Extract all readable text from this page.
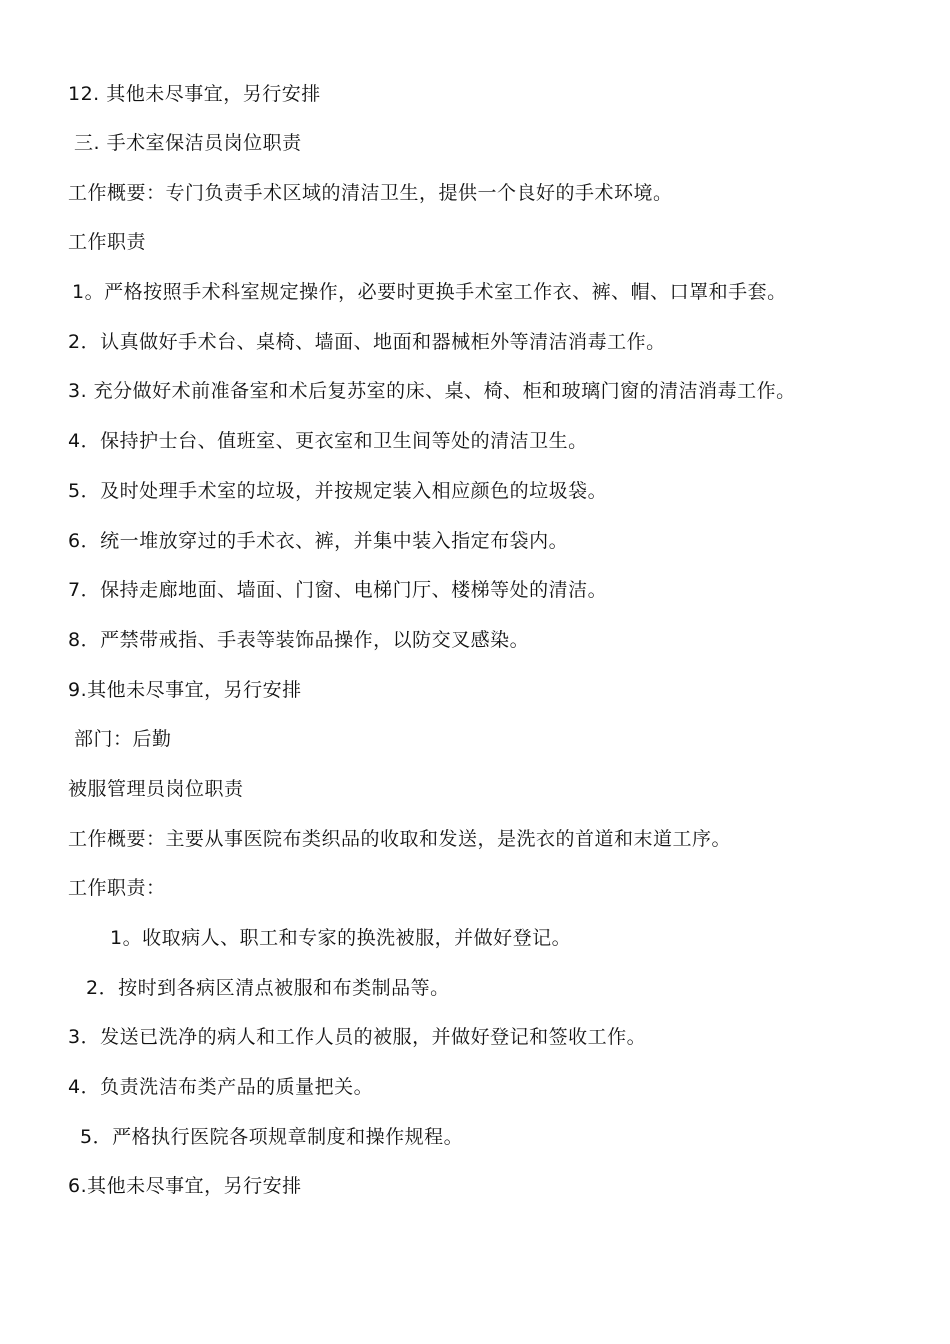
12. 其他未尽事宜，另行安排
三. 手术室保洁员岗位职责
工作概要：专门负责手术区域的清洁卫生，提供一个良好的手术环境。
工作职责
1。严格按照手术科室规定操作，必要时更换手术室工作衣、裤、帽、口罩和手套。
2．认真做好手术台、桌椅、墙面、地面和器械柜外等清洁消毒工作。
3. 充分做好术前准备室和术后复苏室的床、桌、椅、柜和玻璃门窗的清洁消毒工作。
4．保持护士台、值班室、更衣室和卫生间等处的清洁卫生。
5．及时处理手术室的垃圾，并按规定装入相应颜色的垃圾袋。
6．统一堆放穿过的手术衣、裤，并集中装入指定布袋内。
7．保持走廊地面、墙面、门窗、电梯门厅、楼梯等处的清洁。
8．严禁带戒指、手表等装饰品操作，以防交叉感染。
9.其他未尽事宜，另行安排
部门：后勤
被服管理员岗位职责
工作概要：主要从事医院布类织品的收取和发送，是洗衣的首道和末道工序。
工作职责：
1。收取病人、职工和专家的换洗被服，并做好登记。
2．按时到各病区清点被服和布类制品等。
3．发送已洗净的病人和工作人员的被服，并做好登记和签收工作。
4．负责洗洁布类产品的质量把关。
5．严格执行医院各项规章制度和操作规程。
6.其他未尽事宜，另行安排
